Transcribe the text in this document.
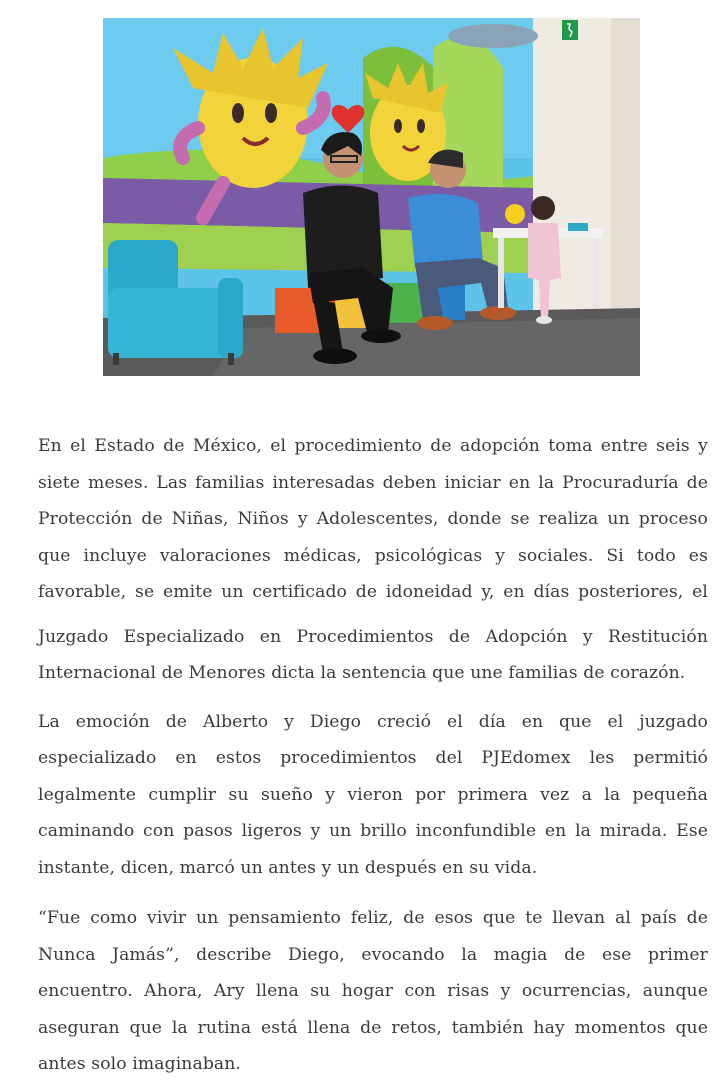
En el Estado de México, el procedimiento de adopción toma entre seis y siete meses. Las familias interesadas deben iniciar en la Procuraduría de Protección de Niñas, Niños y Adolescentes, donde se realiza un proceso que incluye valoraciones médicas, psicológicas y sociales. Si todo es favorable, se emite un certificado de idoneidad y, en días posteriores, el

Juzgado Especializado en Procedimientos de Adopción y Restitución Internacional de Menores dicta la sentencia que une familias de corazón.

La emoción de Alberto y Diego creció el día en que el juzgado especializado en estos procedimientos del PJEdomex les permitió legalmente cumplir su sueño y vieron por primera vez a la pequeña caminando con pasos ligeros y un brillo inconfundible en la mirada. Ese instante, dicen, marcó un antes y un después en su vida.

“Fue como vivir un pensamiento feliz, de esos que te llevan al país de Nunca Jamás”, describe Diego, evocando la magia de ese primer encuentro. Ahora, Ary llena su hogar con risas y ocurrencias, aunque aseguran que la rutina está llena de retos, también hay momentos que antes solo imaginaban.
